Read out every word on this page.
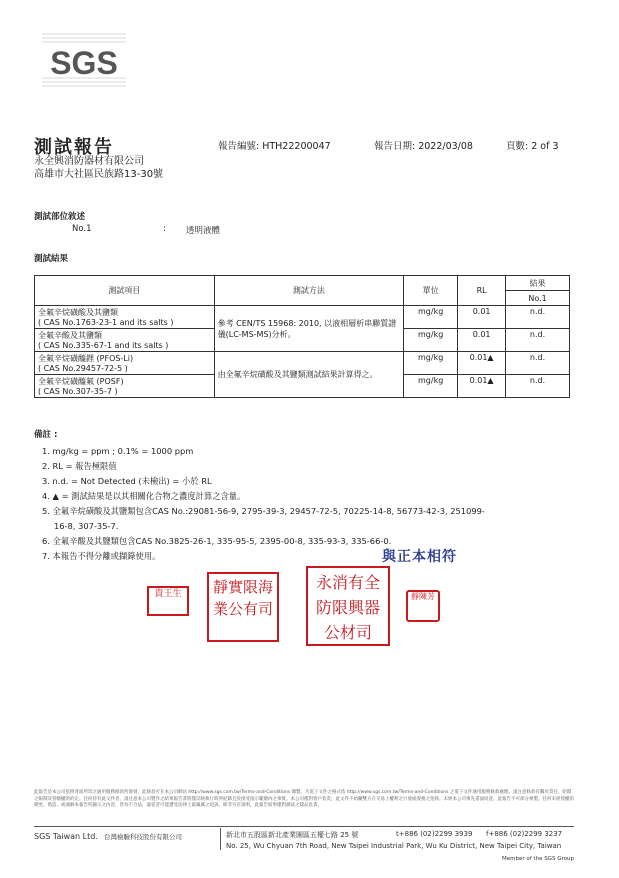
SGS
測試報告
永全興消防器材有限公司
高雄市大社區民族路13-30號
報告編號: HTH22200047	報告日期: 2022/03/08	頁數: 2 of 3
測試部位敘述
No.1	: 透明液體
測試結果
測試項目	測試方法	單位	RL	結果
				No.1

全氟辛烷磺酸及其鹽類
( CAS No.1763-23-1 and its salts )	參考 CEN/TS 15968: 2010, 以液相層析串聯質譜儀(LC-MS-MS)分析。	mg/kg	0.01	n.d.

全氟辛酸及其鹽類
( CAS No.335-67-1 and its salts )		mg/kg	0.01	n.d.

全氟辛烷磺醯鋰 (PFOS-Li)
( CAS No.29457-72-5 )	由全氟辛烷磺酸及其鹽類測試結果計算得之。	mg/kg	0.01▲	n.d.

全氟辛烷磺醯氟 (POSF)
( CAS No.307-35-7 )		mg/kg	0.01▲	n.d.
備註 :
1. mg/kg = ppm ; 0.1% = 1000 ppm
2. RL = 報告極限值
3. n.d. = Not Detected (未檢出) = 小於 RL
4. ▲ = 測試結果是以其相關化合物之濃度計算之含量。
5. 全氟辛烷磺酸及其鹽類包含CAS No.:29081-56-9, 2795-39-3, 29457-72-5, 70225-14-8, 56773-42-3, 251099-
16-8, 307-35-7.
6. 全氟辛酸及其鹽類包含CAS No.3825-26-1, 335-95-5, 2395-00-8, 335-93-3, 335-66-0.
7. 本報告不得分離或擷錄使用。	與正本相符
貴王生	靜實限海業公有司
永消有全防限興器公材司
靜陳芳
此報告是本公司依照背面所印之通用服務條款所簽發，此條款可在本公司網站 http://www.sgs.com.tw/Terms-and-Conditions 閱覽，凡電子文件之格式依 http://www.sgs.com.tw/Terms-and-Conditions 之電子文件通用服務條款處理。請注意條款有關於責任、賠償之限制及管轄權的約定。任何持有此文件者，請注意本公司製作之結果報告書將僅反映執行時所紀錄且於接受指示範圍內之事實。本公司僅對客戶負責，此文件不妨礙雙方在交易上權利之行使或義務之免除。未經本公司事先書面同意，此報告不可部分複製。任何未經授權的變更、偽造、或曲解本報告所顯示之內容，皆為不合法，違犯者可能遭受法律上最嚴厲之追訴。除非另有說明，此報告結果僅對測試之樣品負責。
SGS Taiwan Ltd. 台灣檢驗科技股份有限公司	新北市五股區新北產業園區五權七路 25 號	t+886 (02)2299 3939 f+886 (02)2299 3237
No. 25, Wu Chyuan 7th Road, New Taipei Industrial Park, Wu Ku District, New Taipei City, Taiwan
Member of the SGS Group
